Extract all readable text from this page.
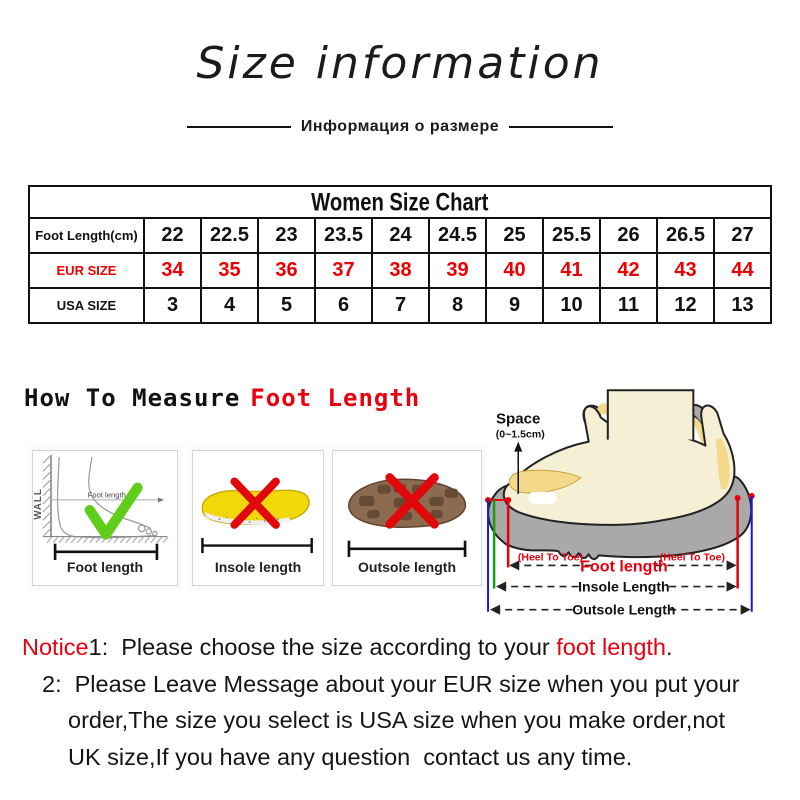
Size information
Информация о размере
Women Size Chart											
Foot Length(cm)	22	22.5	23	23.5	24	24.5	25	25.5	26	26.5	27
EUR SIZE	34	35	36	37	38	39	40	41	42	43	44
USA SIZE	3	4	5	6	7	8	9	10	11	12	13
How To Measure Foot Length
WALL	Foot length
Foot length	Insole length	Outsole length
Space
(0~1.5cm)
(Heel To Toe)	(Heel To Toe)
Foot length
Insole Length
Outsole Length
Notice1: Please choose the size according to your foot length.
2: Please Leave Message about your EUR size when you put your
order,The size you select is USA size when you make order,not
UK size,If you have any question  contact us any time.
